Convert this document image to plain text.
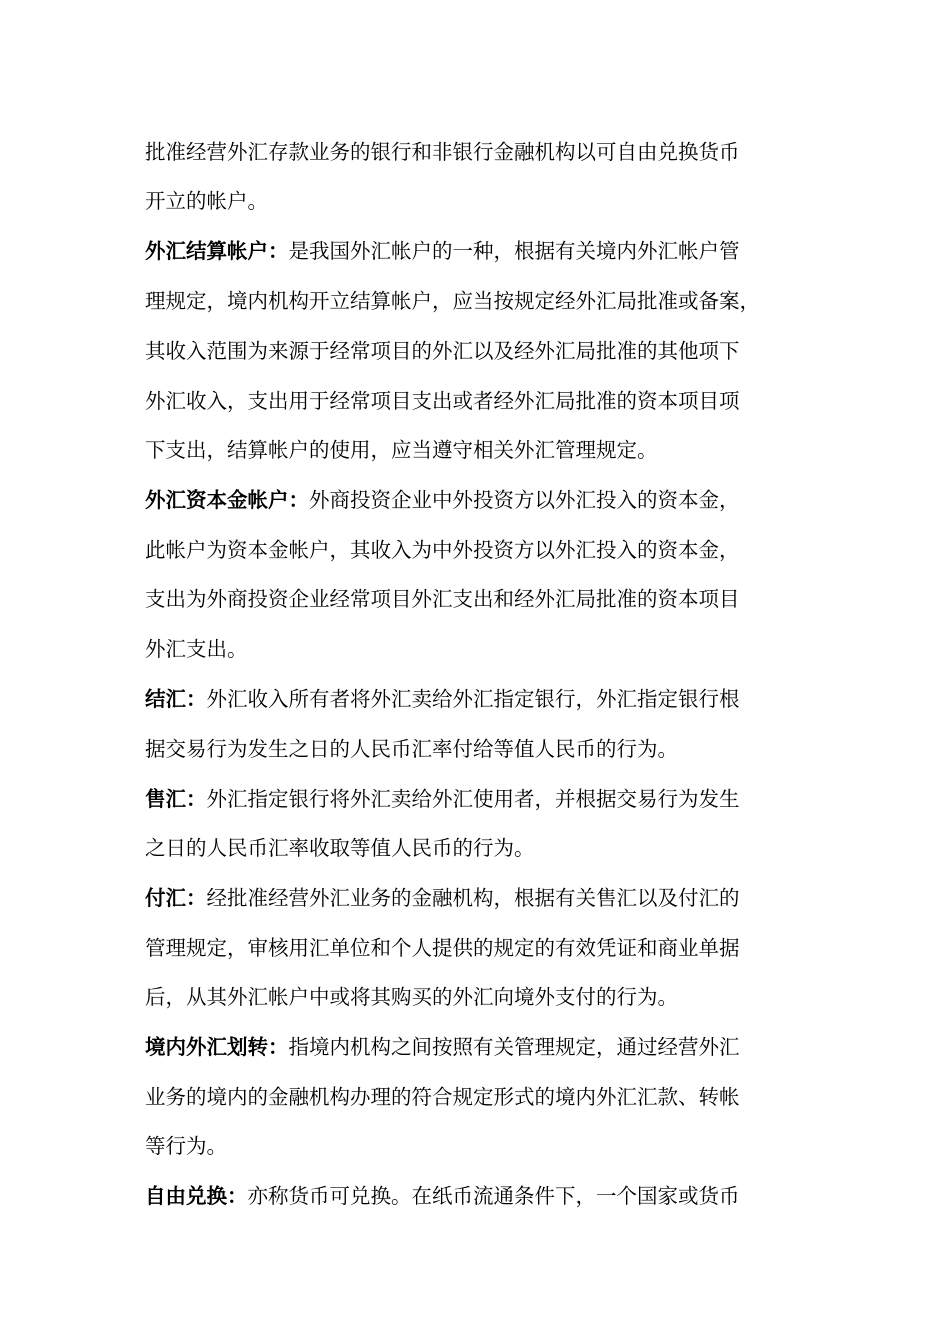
批准经营外汇存款业务的银行和非银行金融机构以可自由兑换货币
开立的帐户。
外汇结算帐户：是我国外汇帐户的一种，根据有关境内外汇帐户管
理规定，境内机构开立结算帐户，应当按规定经外汇局批准或备案，
其收入范围为来源于经常项目的外汇以及经外汇局批准的其他项下
外汇收入，支出用于经常项目支出或者经外汇局批准的资本项目项
下支出，结算帐户的使用，应当遵守相关外汇管理规定。
外汇资本金帐户：外商投资企业中外投资方以外汇投入的资本金，
此帐户为资本金帐户，其收入为中外投资方以外汇投入的资本金，
支出为外商投资企业经常项目外汇支出和经外汇局批准的资本项目
外汇支出。
结汇：外汇收入所有者将外汇卖给外汇指定银行，外汇指定银行根
据交易行为发生之日的人民币汇率付给等值人民币的行为。
售汇：外汇指定银行将外汇卖给外汇使用者，并根据交易行为发生
之日的人民币汇率收取等值人民币的行为。
付汇：经批准经营外汇业务的金融机构，根据有关售汇以及付汇的
管理规定，审核用汇单位和个人提供的规定的有效凭证和商业单据
后，从其外汇帐户中或将其购买的外汇向境外支付的行为。
境内外汇划转：指境内机构之间按照有关管理规定，通过经营外汇
业务的境内的金融机构办理的符合规定形式的境内外汇汇款、转帐
等行为。
自由兑换：亦称货币可兑换。在纸币流通条件下，一个国家或货币
